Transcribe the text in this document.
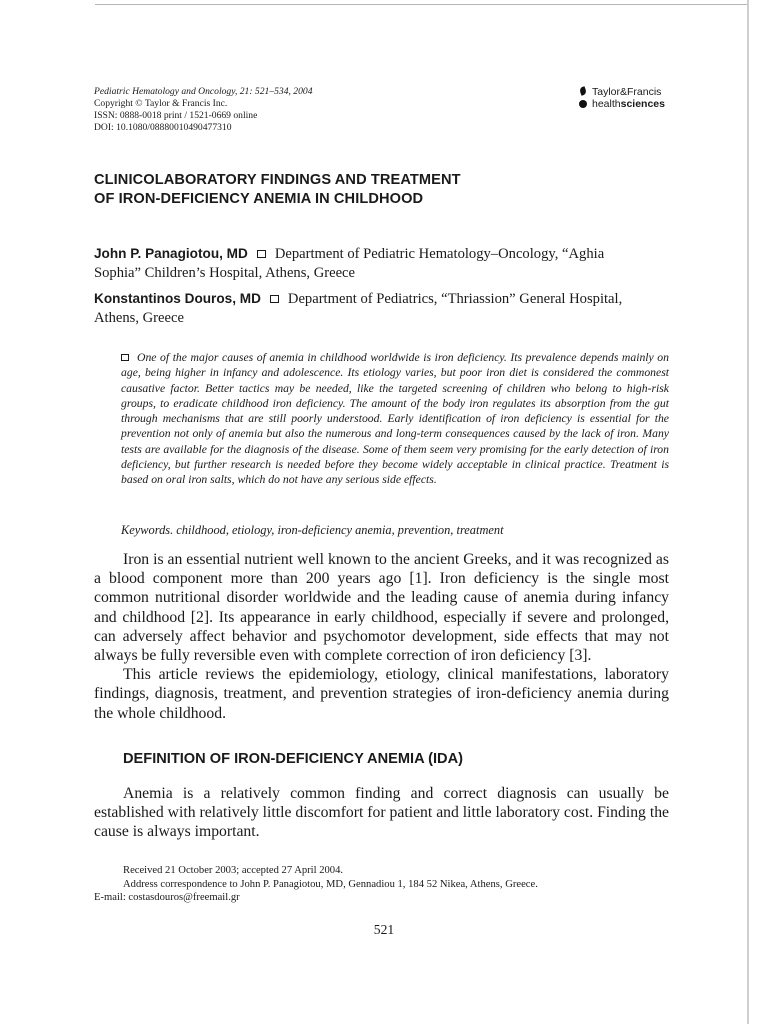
Pediatric Hematology and Oncology, 21: 521–534, 2004
Copyright © Taylor & Francis Inc.
ISSN: 0888-0018 print / 1521-0669 online
DOI: 10.1080/08880010490477310
Taylor&Francis
healthsciences
CLINICOLABORATORY FINDINGS AND TREATMENT
OF IRON-DEFICIENCY ANEMIA IN CHILDHOOD
John P. Panagiotou, MD Department of Pediatric Hematology–Oncology, “Aghia Sophia” Children’s Hospital, Athens, Greece
Konstantinos Douros, MD Department of Pediatrics, “Thriassion” General Hospital, Athens, Greece
One of the major causes of anemia in childhood worldwide is iron deficiency. Its prevalence depends mainly on age, being higher in infancy and adolescence. Its etiology varies, but poor iron diet is considered the commonest causative factor. Better tactics may be needed, like the targeted screening of children who belong to high-risk groups, to eradicate childhood iron deficiency. The amount of the body iron regulates its absorption from the gut through mechanisms that are still poorly understood. Early identification of iron deficiency is essential for the prevention not only of anemia but also the numerous and long-term consequences caused by the lack of iron. Many tests are available for the diagnosis of the disease. Some of them seem very promising for the early detection of iron deficiency, but further research is needed before they become widely acceptable in clinical practice. Treatment is based on oral iron salts, which do not have any serious side effects.
Keywords. childhood, etiology, iron-deficiency anemia, prevention, treatment

Iron is an essential nutrient well known to the ancient Greeks, and it was recognized as a blood component more than 200 years ago [1]. Iron deficiency is the single most common nutritional disorder worldwide and the leading cause of anemia during infancy and childhood [2]. Its appearance in early childhood, especially if severe and prolonged, can adversely affect behavior and psychomotor development, side effects that may not always be fully reversible even with complete correction of iron deficiency [3].

This article reviews the epidemiology, etiology, clinical manifestations, laboratory findings, diagnosis, treatment, and prevention strategies of iron-deficiency anemia during the whole childhood.

DEFINITION OF IRON-DEFICIENCY ANEMIA (IDA)

Anemia is a relatively common finding and correct diagnosis can usually be established with relatively little discomfort for patient and little laboratory cost. Finding the cause is always important.

Received 21 October 2003; accepted 27 April 2004.
Address correspondence to John P. Panagiotou, MD, Gennadiou 1, 184 52 Nikea, Athens, Greece.
E-mail: costasdouros@freemail.gr
521
